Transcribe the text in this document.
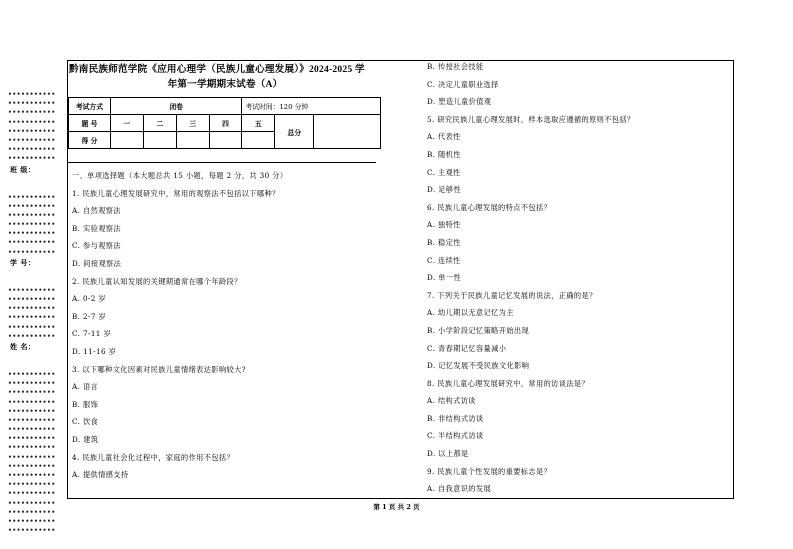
•••••••••••
•••••••••••
•••••••••••
•••••••••••
•••••••••••
•••••••••••
•••••••••••
•••••••••••
班 级：
•••••••••••
•••••••••••
•••••••••••
•••••••••••
•••••••••••
•••••••••••
•••••••••••
学 号：
•••••••••••
•••••••••••
•••••••••••
•••••••••••
•••••••••••
•••••••••••
姓 名：
•••••••••••
•••••••••••
•••••••••••
•••••••••••
•••••••••••
•••••••••••
•••••••••••
•••••••••••
•••••••••••
•••••••••••
•••••••••••
•••••••••••
•••••••••••
•••••••••••
•••••••••••
•••••••••••
•••••••••••
•••••••••••
黔南民族师范学院《应用心理学（民族儿童心理发展）》2024-2025 学
年第一学期期末试卷（A）
考试方式	闭卷				考试时间：120 分钟		
题 号	一	二	三	四	五	总分	
得 分							
一、单项选择题（本大题总共 15 小题，每题 2 分，共 30 分）
1. 民族儿童心理发展研究中，常用的观察法不包括以下哪种？
A. 自然观察法
B. 实验观察法
C. 参与观察法
D. 间接观察法
2. 民族儿童认知发展的关键期通常在哪个年龄段？
A. 0-2 岁
B. 2-7 岁
C. 7-11 岁
D. 11-16 岁
3. 以下哪种文化因素对民族儿童情绪表达影响较大?
A. 语言
B. 服饰
C. 饮食
D. 建筑
4. 民族儿童社会化过程中，家庭的作用不包括？
A. 提供情感支持
B. 传授社会技能
C. 决定儿童职业选择
D. 塑造儿童价值观
5. 研究民族儿童心理发展时，样本选取应遵循的原则不包括？
A. 代表性
B. 随机性
C. 主观性
D. 足够性
6. 民族儿童心理发展的特点不包括？
A. 独特性
B. 稳定性
C. 连续性
D. 单一性
7. 下列关于民族儿童记忆发展的说法，正确的是？
A. 幼儿期以无意记忆为主
B. 小学阶段记忆策略开始出现
C. 青春期记忆容量减小
D. 记忆发展不受民族文化影响
8. 民族儿童心理发展研究中，常用的访谈法是？
A. 结构式访谈
B. 非结构式访谈
C. 半结构式访谈
D. 以上都是
9. 民族儿童个性发展的重要标志是？
A. 自我意识的发展
第 1 页 共 2 页
